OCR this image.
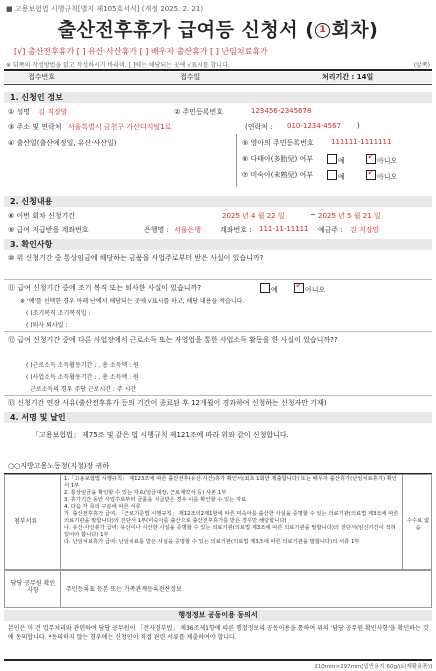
■ 고용보험법 시행규칙[별지 제105호서식] (개정 2025. 2. 21)
출산전후휴가 급여등 신청서 ( 1 회차)
[√] 출산전후휴가 [ ] 유산·사산휴가 [ ] 배우자 출산휴가 [ ] 난임치료휴가
※ 뒤쪽의 작성방법을 읽고 작성하시기 바라며, [ ]에는 해당되는 곳에 √표시를 합니다.	(앞쪽)
접수번호	접수일	처리기간 : 14일
1. 신청인 정보
① 성명 김 직장맘	② 주민등록번호	123456-2345678
③ 주소 및 연락처 서울특별시 금천구 가산디지털1로	(연락처 : 010-1234-4567 )
④ 출산일(출산예정일, 유산·사산일)	⑤ 영아의 주민등록번호 111111-1111111
⑥ 다태아(多胎兒) 여부	예 ✓	아니오
⑦ 미숙아(未熟兒) 여부	예 ✓	아니오
2. 신청내용
⑧ 이번 회차 신청기간	2025 년 4 월 22 일	~ 2025 년 5 월 21 일
⑨ 급여 지급받을 계좌번호	은행명 : 서울은행	계좌번호 : 111-11-11111 예금주 : 김 직장맘
3. 확인사항
⑩ 위 신청기간 중 통상임금에 해당하는 금품을 사업주로부터 받은 사실이 있습니까?
⑪ 급여 신청기간 중에 조기 복직 또는 퇴사한 사실이 있습니까?	예 ✓	아니오
※ '예'를 선택한 경우 아래 난에서 해당되는 곳에 √표시를 하고, 해당 내용을 적습니다.
( )조기복직 조기복직일 :
( )퇴사 퇴사일 :
⑫ 급여 신청기간 중에 다른 사업장에서 근로소득 또는 자영업을 통한 사업소득 활동을 한 사실이 있습니까??
( )근로소득 소득활동기간 : , 총 소득액 : 원
( )사업소득 소득활동기간 : , 총 소득액 : 원
근로소득의 경우 주당 근로시간 : 주 시간
⑬ 신청기간 연장 사유(출산전후휴가 등의 기간이 종료된 후 12개월이 경과하여 신청하는 신청자만 기재)
4. 서명 및 날인
「고용보험법」 제75조 및 같은 법 시행규칙 제121조에 따라 위와 같이 신청합니다.
○○지방고용노동청(지청)장 귀하
첨부서류
1.「고용보험법 시행규칙」 제123조에 따른 출산전후(유산·사산)휴가 확인서(최초 1회만 제출합니다) 또는 배우자 출산휴가(난임치료휴가) 확인서 1부
2. 통상임금을 확인할 수 있는 자료(임금대장, 근로계약서 등) 사본 1부
3. 휴가기간 동안 사업주로부터 금품을 지급받은 경우 이를 확인할 수 있는 자료
4. 다음 각 목의 구분에 따른 서류
가. 출산전후휴가 급여: 「근로기준법 시행규칙」 제12조의2제1항에 따른 미숙아를 출산한 사실을 증명할 수 있는 의료기관(의료법 제3조에 따른 의료기관을 말합니다)의 진단서 1부(미숙아를 출산으로 출산전후휴가를 받은 경우만 해당합니다)
나. 유산·사산휴가 급여: 유산이나 사산한 사실을 증명할 수 있는 의료기관(의료법 제3조에 따른 의료기관을 말합니다)의 진단서(임신기간이 적혀 있어야 합니다) 1부
다. 난임치료휴가 급여: 난임치료를 받은 사실을 증명할 수 있는 의료기관(의료법 제3조에 따른 의료기관을 말합니다)의 서류 1부
수수료 없음
담당 공무원 확인사항	주민등록표 등본 또는 가족관계등록전산정보
행정정보 공동이용 동의서
본인은 이 건 업무처리와 관련하여 담당 공무원이 「전자정부법」 제36조제1항에 따른 행정정보의 공동이용을 통하여 위의 '담당 공무원 확인사항'을 확인하는 것에 동의합니다. *동의하지 않는 경우에는 신청인이 직접 관련 서류를 제출하여야 합니다.
210mm×297mm[일반용지 60g/㎡(재활용품)]
